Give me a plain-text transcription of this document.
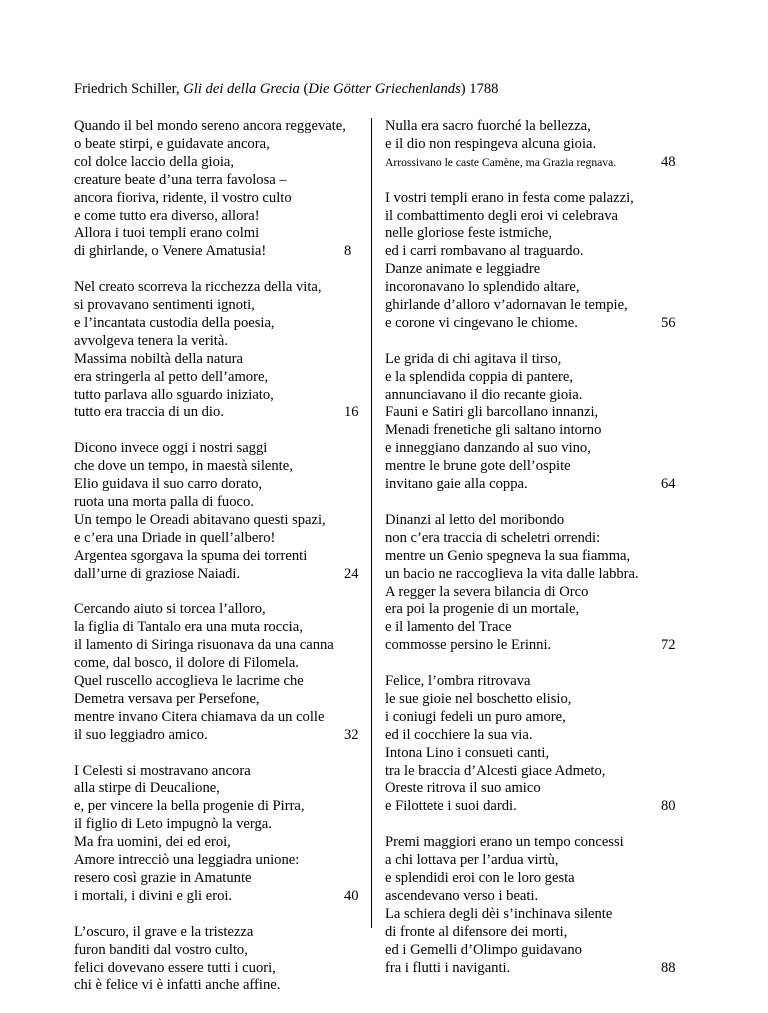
Friedrich Schiller, Gli dei della Grecia (Die Götter Griechenlands) 1788
Quando il bel mondo sereno ancora reggevate,
o beate stirpi, e guidavate ancora,
col dolce laccio della gioia,
creature beate d’una terra favolosa –
ancora fioriva, ridente, il vostro culto
e come tutto era diverso, allora!
Allora i tuoi templi erano colmi
di ghirlande, o Venere Amatusia!	8
Nel creato scorreva la ricchezza della vita,
si provavano sentimenti ignoti,
e l’incantata custodia della poesia,
avvolgeva tenera la verità.
Massima nobiltà della natura
era stringerla al petto dell’amore,
tutto parlava allo sguardo iniziato,
tutto era traccia di un dio.	16
Dicono invece oggi i nostri saggi
che dove un tempo, in maestà silente,
Elio guidava il suo carro dorato,
ruota una morta palla di fuoco.
Un tempo le Oreadi abitavano questi spazi,
e c’era una Driade in quell’albero!
Argentea sgorgava la spuma dei torrenti
dall’urne di graziose Naiadi.	24
Cercando aiuto si torcea l’alloro,
la figlia di Tantalo era una muta roccia,
il lamento di Siringa risuonava da una canna
come, dal bosco, il dolore di Filomela.
Quel ruscello accoglieva le lacrime che
Demetra versava per Persefone,
mentre invano Citera chiamava da un colle
il suo leggiadro amico.	32
I Celesti si mostravano ancora
alla stirpe di Deucalione,
e, per vincere la bella progenie di Pirra,
il figlio di Leto impugnò la verga.
Ma fra uomini, dei ed eroi,
Amore intrecciò una leggiadra unione:
resero così grazie in Amatunte
i mortali, i divini e gli eroi.	40
L’oscuro, il grave e la tristezza
furon banditi dal vostro culto,
felici dovevano essere tutti i cuori,
chi è felice vi è infatti anche affine.
Nulla era sacro fuorché la bellezza,
e il dio non respingeva alcuna gioia.
Arrossivano le caste Camène, ma Grazia regnava.	48
I vostri templi erano in festa come palazzi,
il combattimento degli eroi vi celebrava
nelle gloriose feste istmiche,
ed i carri rombavano al traguardo.
Danze animate e leggiadre
incoronavano lo splendido altare,
ghirlande d’alloro v’adornavan le tempie,
e corone vi cingevano le chiome.	56
Le grida di chi agitava il tirso,
e la splendida coppia di pantere,
annunciavano il dio recante gioia.
Fauni e Satiri gli barcollano innanzi,
Menadi frenetiche gli saltano intorno
e inneggiano danzando al suo vino,
mentre le brune gote dell’ospite
invitano gaie alla coppa.	64
Dinanzi al letto del moribondo
non c’era traccia di scheletri orrendi:
mentre un Genio spegneva la sua fiamma,
un bacio ne raccoglieva la vita dalle labbra.
A regger la severa bilancia di Orco
era poi la progenie di un mortale,
e il lamento del Trace
commosse persino le Erinni.	72
Felice, l’ombra ritrovava
le sue gioie nel boschetto elisio,
i coniugi fedeli un puro amore,
ed il cocchiere la sua via.
Intona Lino i consueti canti,
tra le braccia d’Alcesti giace Admeto,
Oreste ritrova il suo amico
e Filottete i suoi dardi.	80
Premi maggiori erano un tempo concessi
a chi lottava per l’ardua virtù,
e splendidi eroi con le loro gesta
ascendevano verso i beati.
La schiera degli dèi s’inchinava silente
di fronte al difensore dei morti,
ed i Gemelli d’Olimpo guidavano
fra i flutti i naviganti.	88
